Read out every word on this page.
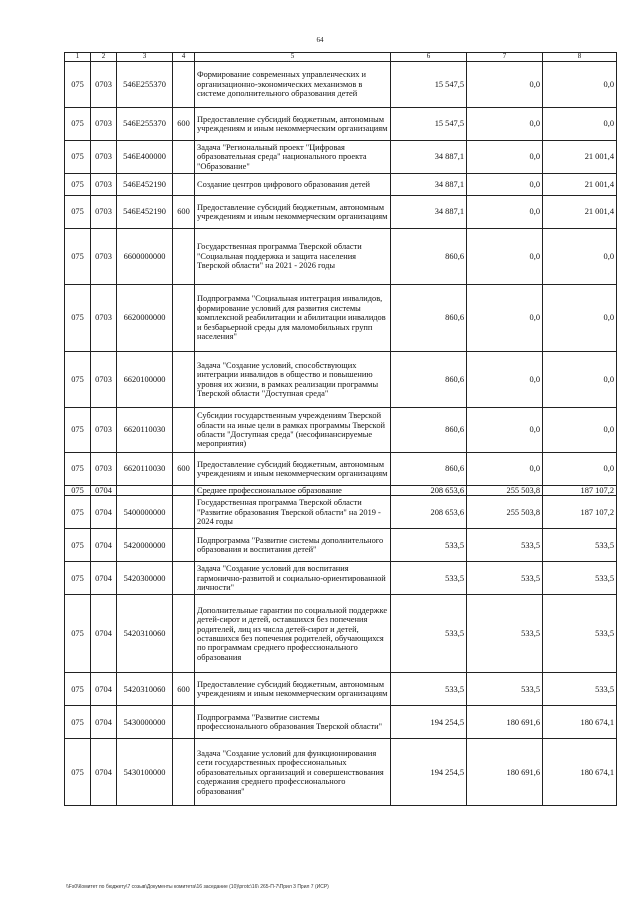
64
1	2	3	4	5	6	7	8
075	0703	546E255370		Формирование современных управленческих и организационно-экономических механизмов в системе дополнительного образования детей	15 547,5	0,0	0,0
075	0703	546E255370	600	Предоставление субсидий бюджетным, автономным учреждениям и иным некоммерческим организациям	15 547,5	0,0	0,0
075	0703	546E400000		Задача "Региональный проект "Цифровая образовательная среда" национального проекта "Образование"	34 887,1	0,0	21 001,4
075	0703	546E452190		Создание центров цифрового образования детей	34 887,1	0,0	21 001,4
075	0703	546E452190	600	Предоставление субсидий бюджетным, автономным учреждениям и иным некоммерческим организациям	34 887,1	0,0	21 001,4
075	0703	6600000000		Государственная программа Тверской области "Социальная поддержка и защита населения Тверской области" на 2021 - 2026 годы	860,6	0,0	0,0
075	0703	6620000000		Подпрограмма "Социальная интеграция инвалидов, формирование условий для развития системы комплексной реабилитации и абилитации инвалидов и безбарьерной среды для маломобильных групп населения"	860,6	0,0	0,0
075	0703	6620100000		Задача "Создание условий, способствующих интеграции инвалидов в общество и повышению уровня их жизни, в рамках реализации программы Тверской области "Доступная среда"	860,6	0,0	0,0
075	0703	6620110030		Субсидии государственным учреждениям Тверской области на иные цели в рамках программы Тверской области "Доступная среда" (несофинансируемые мероприятия)	860,6	0,0	0,0
075	0703	6620110030	600	Предоставление субсидий бюджетным, автономным учреждениям и иным некоммерческим организациям	860,6	0,0	0,0
075	0704			Среднее профессиональное образование	208 653,6	255 503,8	187 107,2
075	0704	5400000000		Государственная программа Тверской области "Развитие образования Тверской области" на 2019 - 2024 годы	208 653,6	255 503,8	187 107,2
075	0704	5420000000		Подпрограмма "Развитие системы дополнительного образования и воспитания детей"	533,5	533,5	533,5
075	0704	5420300000		Задача "Создание условий для воспитания гармонично-развитой и социально-ориентированной личности"	533,5	533,5	533,5
075	0704	5420310060		Дополнительные гарантии по социальной поддержке детей-сирот и детей, оставшихся без попечения родителей, лиц из числа детей-сирот и детей, оставшихся без попечения родителей, обучающихся по программам среднего профессионального образования	533,5	533,5	533,5
075	0704	5420310060	600	Предоставление субсидий бюджетным, автономным учреждениям и иным некоммерческим организациям	533,5	533,5	533,5
075	0704	5430000000		Подпрограмма "Развитие системы профессионального образования Тверской области"	194 254,5	180 691,6	180 674,1
075	0704	5430100000		Задача "Создание условий для функционирования сети государственных профессиональных образовательных организаций и совершенствования содержания среднего профессионального образования"	194 254,5	180 691,6	180 674,1
\\Fs0\Комитет по бюджету\7 созыв\Документы комитета\16 заседание (10)\protc\16\ 265-П-7\Прил 3 Прил 7 (ИСР)
